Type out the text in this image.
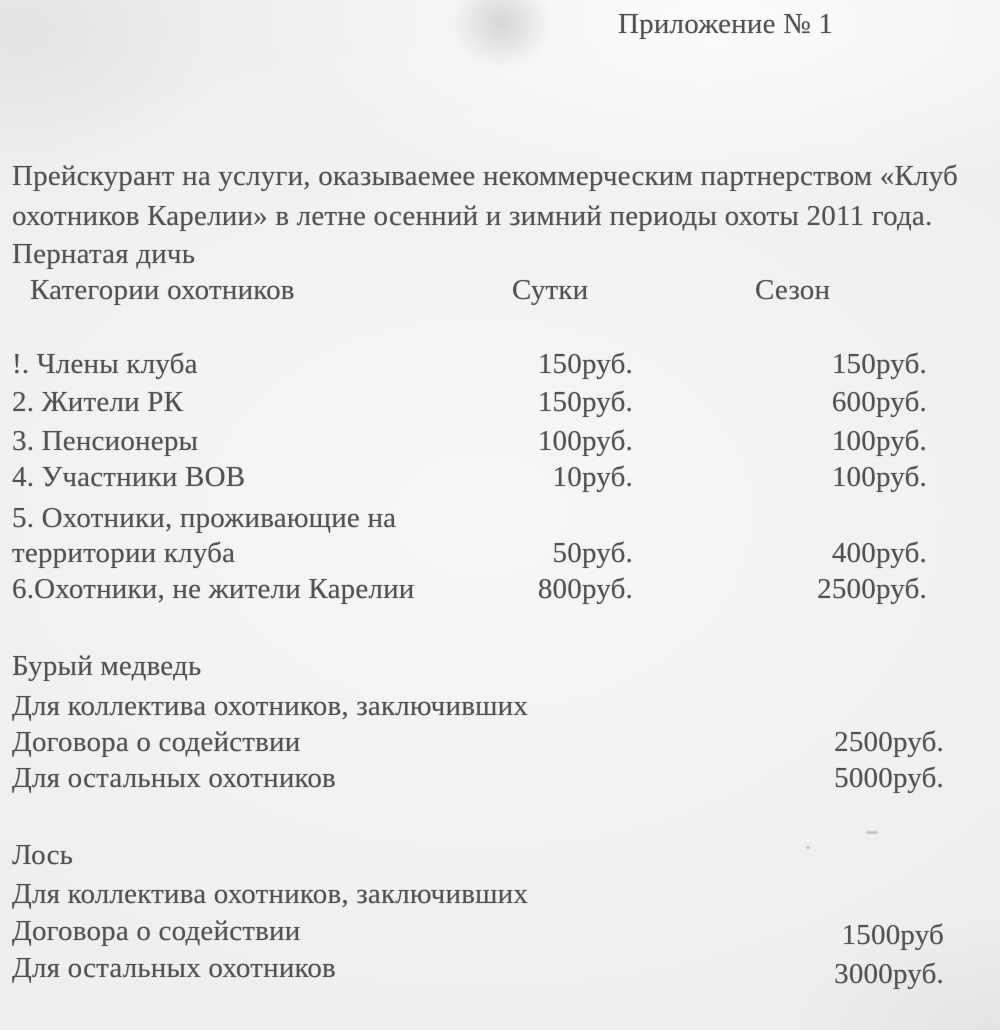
Приложение № 1
Прейскурант на услуги, оказываемее некоммерческим партнерством «Клуб
охотников Карелии» в летне осенний и зимний периоды охоты 2011 года.
Пернатая дичь
Категории охотников	Сутки	Сезон
!. Члены клуба	150руб.	150руб.
2. Жители РК	150руб.	600руб.
3. Пенсионеры	100руб.	100руб.
4. Участники ВОВ	10руб.	100руб.
5. Охотники, проживающие на
территории клуба	50руб.	400руб.
6.Охотники, не жители Карелии	800руб.	2500руб.
Бурый медведь
Для коллектива охотников, заключивших
Договора о содействии	2500руб.
Для остальных охотников	5000руб.
Лось
Для коллектива охотников, заключивших
Договора о содействии	1500руб
Для остальных охотников	3000руб.
